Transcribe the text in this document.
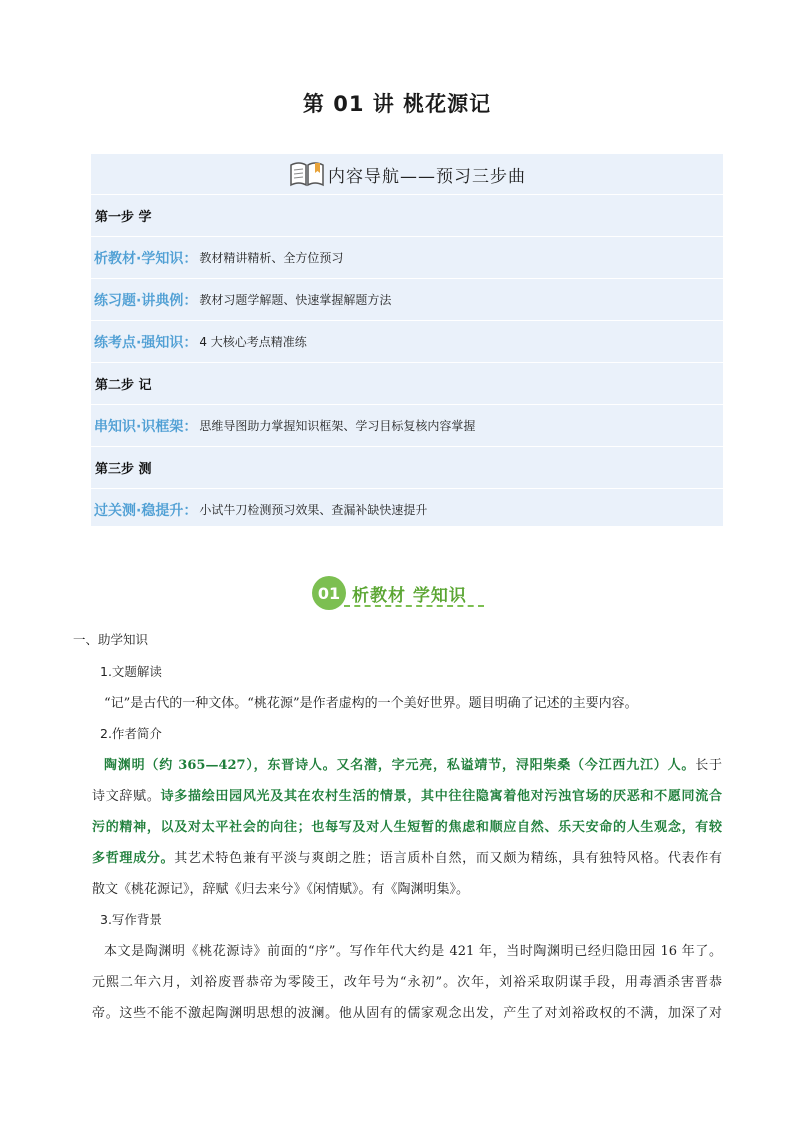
第 01 讲 桃花源记
内容导航——预习三步曲
第一步 学
析教材·学知识： 教材精讲精析、全方位预习
练习题·讲典例： 教材习题学解题、快速掌握解题方法
练考点·强知识： 4 大核心考点精准练
第二步 记
串知识·识框架： 思维导图助力掌握知识框架、学习目标复核内容掌握
第三步 测
过关测·稳提升： 小试牛刀检测预习效果、查漏补缺快速提升
01 析教材 学知识
一、助学知识
1.文题解读
“记”是古代的一种文体。“桃花源”是作者虚构的一个美好世界。题目明确了记述的主要内容。
2.作者简介
陶渊明（约 365—427），东晋诗人。又名潜，字元亮，私谥靖节，浔阳柴桑（今江西九江）人。长于
诗文辞赋。诗多描绘田园风光及其在农村生活的情景，其中往往隐寓着他对污浊官场的厌恶和不愿同流合
污的精神，以及对太平社会的向往；也每写及对人生短暂的焦虑和顺应自然、乐天安命的人生观念，有较
多哲理成分。其艺术特色兼有平淡与爽朗之胜；语言质朴自然，而又颇为精练，具有独特风格。代表作有
散文《桃花源记》，辞赋《归去来兮》《闲情赋》。有《陶渊明集》。
3.写作背景
本文是陶渊明《桃花源诗》前面的“序”。写作年代大约是 421 年，当时陶渊明已经归隐田园 16 年了。
元熙二年六月，刘裕废晋恭帝为零陵王，改年号为“永初”。次年，刘裕采取阴谋手段，用毒酒杀害晋恭
帝。这些不能不激起陶渊明思想的波澜。他从固有的儒家观念出发，产生了对刘裕政权的不满，加深了对
